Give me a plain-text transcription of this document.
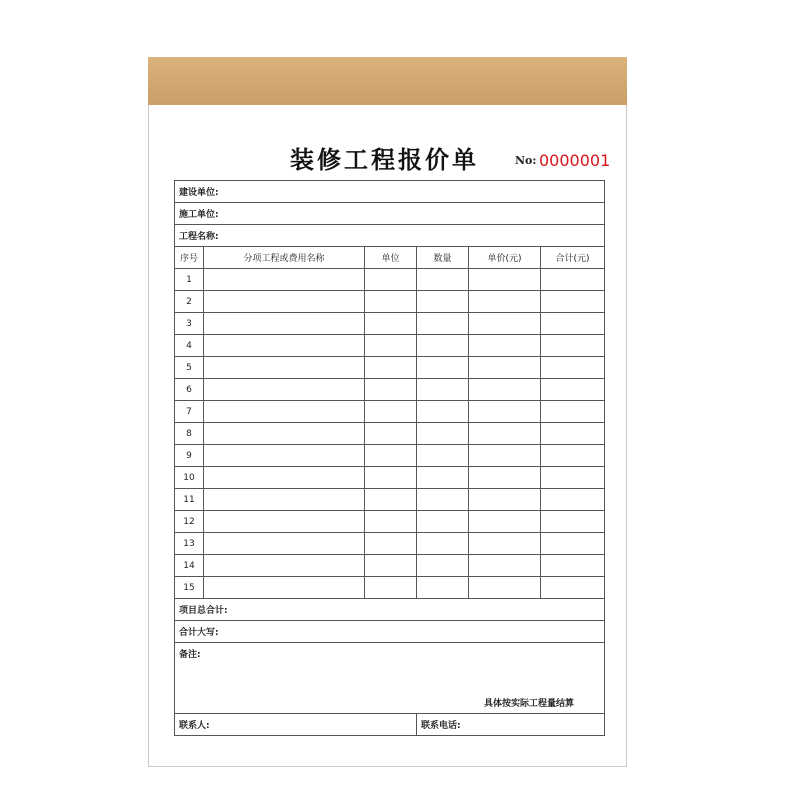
装修工程报价单	No: 0000001
建设单位:					
施工单位:					
工程名称:					
序号	分项工程或费用名称	单位	数量	单价(元)	合计(元)
1					
2					
3					
4					
5					
6					
7					
8					
9					
10					
11					
12					
13					
14					
15					
项目总合计:					
合计大写:					
备注:
具体按实际工程量结算					

联系人:			联系电话:		
